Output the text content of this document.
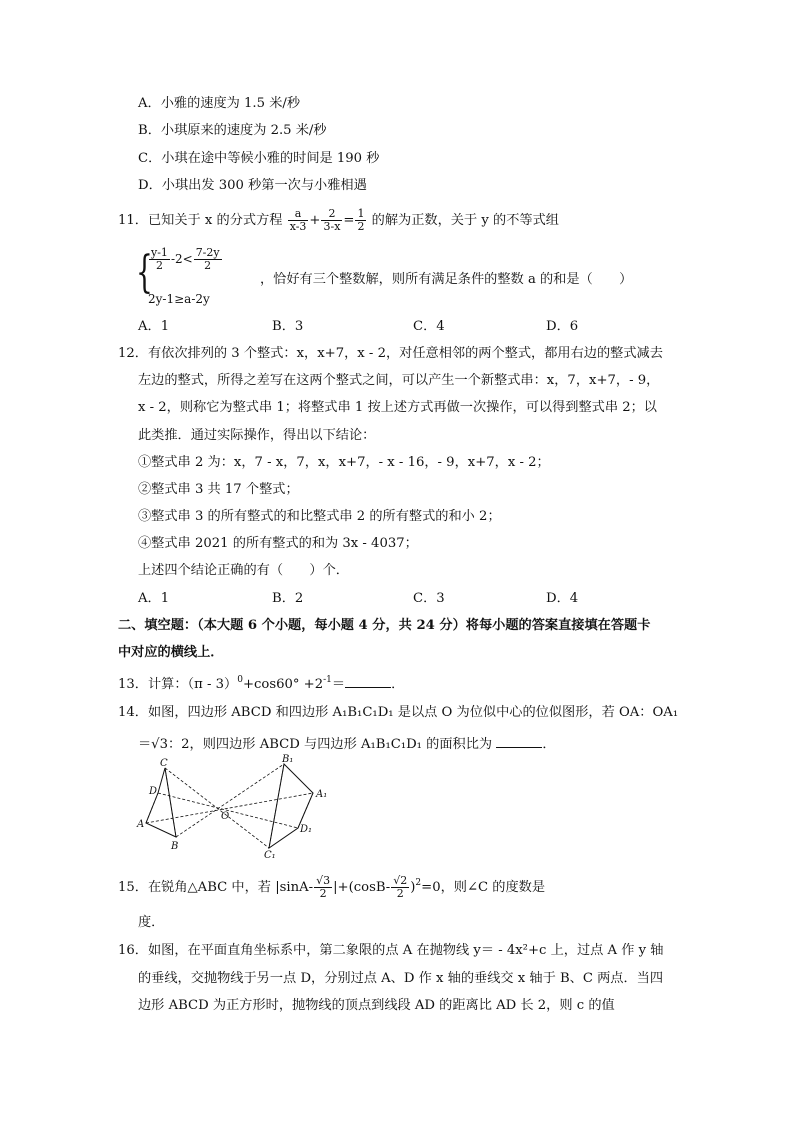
A．小雅的速度为 1.5 米/秒
B．小琪原来的速度为 2.5 米/秒
C．小琪在途中等候小雅的时间是 190 秒
D．小琪出发 300 秒第一次与小雅相遇
11．已知关于 x 的分式方程 $\frac{a}{x-3} + \frac{2}{3-x} = \frac{1}{2}$ 的解为正数，关于 y 的不等式组
{
$\frac{y-1}{2} -2< \frac{7-2y}{2}$
，恰好有三个整数解，则所有满足条件的整数 a 的和是（　　）
2y-1≥a-2y
A．1	B．3	C．4	D．6
12．有依次排列的 3 个整式：x，x+7，x - 2，对任意相邻的两个整式，都用右边的整式减去
左边的整式，所得之差写在这两个整式之间，可以产生一个新整式串：x，7，x+7，- 9，
x - 2，则称它为整式串 1；将整式串 1 按上述方式再做一次操作，可以得到整式串 2；以
此类推．通过实际操作，得出以下结论：
①整式串 2 为：x，7 - x，7，x，x+7，- x - 16，- 9，x+7，x - 2；
②整式串 3 共 17 个整式；
③整式串 3 的所有整式的和比整式串 2 的所有整式的和小 2；
④整式串 2021 的所有整式的和为 3x - 4037；
上述四个结论正确的有（　　）个．
A．1	B．2	C．3	D．4
二、填空题：（本大题 6 个小题，每小题 4 分，共 24 分）将每小题的答案直接填在答题卡
中对应的横线上．
13．计算：$(\pi - 3)^0+\cos 60^\circ +2^{-1}=$	．
14．如图，四边形 ABCD 和四边形 A₁B₁C₁D₁ 是以点 O 为位似中心的位似图形，若 OA：OA₁
＝√3：2，则四边形 ABCD 与四边形 A₁B₁C₁D₁ 的面积比为	．
C
D
A
B
O
B₁
A₁
D₁
C₁
15．在锐角△ABC 中，若 $|\sin A- \frac{√3}{2} |+(\cos B- \frac{√2}{2} )^2=0$，则∠C 的度数是
度．
16．如图，在平面直角坐标系中，第二象限的点 A 在抛物线 y＝ - 4x²+c 上，过点 A 作 y 轴
的垂线，交抛物线于另一点 D，分别过点 A、D 作 x 轴的垂线交 x 轴于 B、C 两点．当四
边形 ABCD 为正方形时，抛物线的顶点到线段 AD 的距离比 AD 长 2，则 c 的值
